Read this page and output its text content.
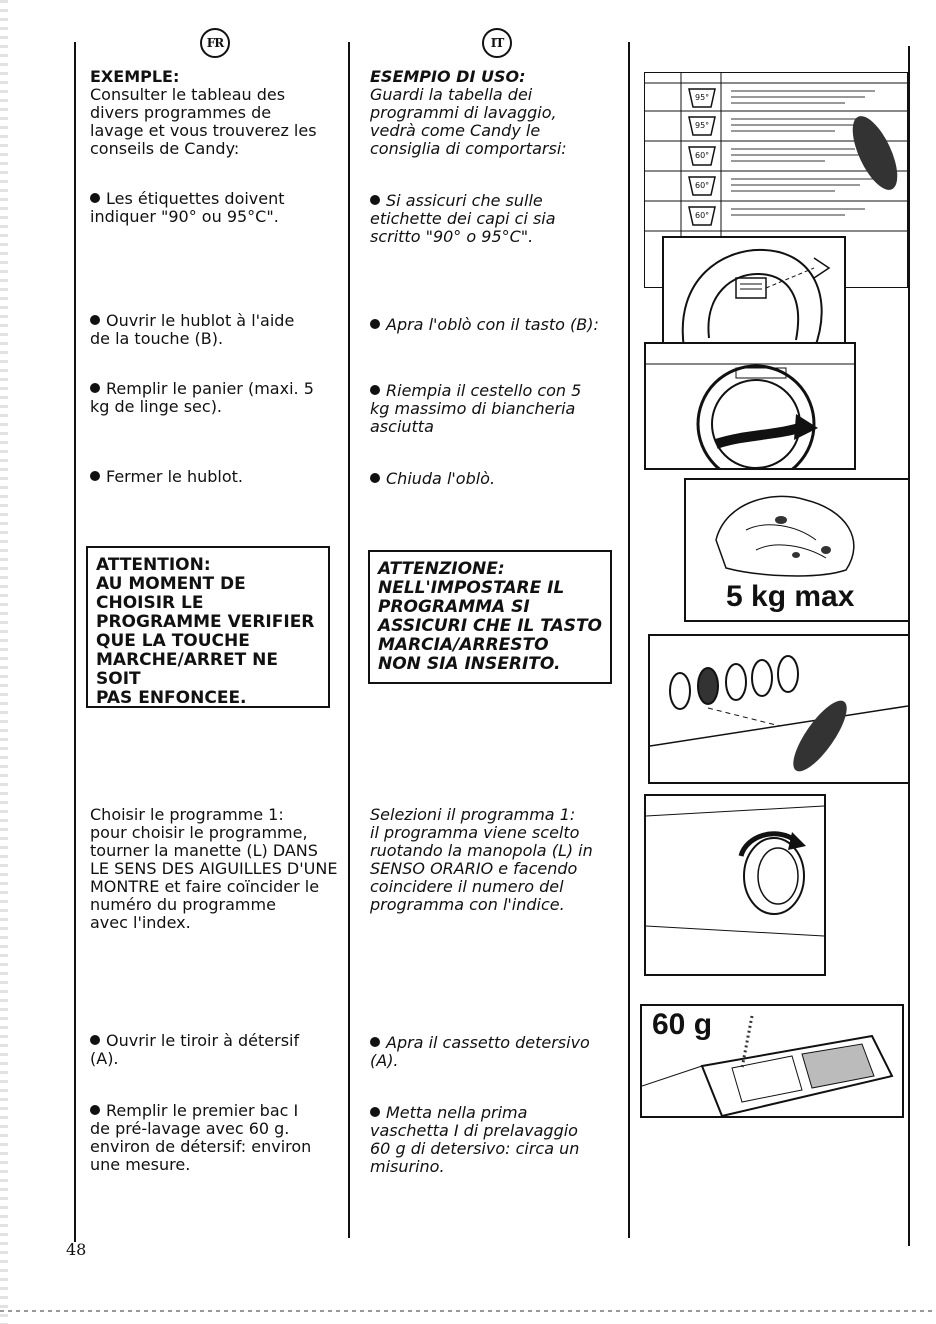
FR	IT
EXEMPLE:
Consulter le tableau des
divers programmes de
lavage et vous trouverez les
conseils de Candy:
Les étiquettes doivent
indiquer "90° ou 95°C".
Ouvrir le hublot à l'aide
de la touche (B).
Remplir le panier (maxi. 5
kg de linge sec).
Fermer le hublot.
ATTENTION:
AU MOMENT DE
CHOISIR LE
PROGRAMME VERIFIER
QUE LA TOUCHE
MARCHE/ARRET NE SOIT
PAS ENFONCEE.
Choisir le programme 1:
pour choisir le programme,
tourner la manette (L) DANS
LE SENS DES AIGUILLES D'UNE
MONTRE et faire coïncider le
numéro du programme
avec l'index.
Ouvrir le tiroir à détersif
(A).
Remplir le premier bac I
de pré-lavage avec 60 g.
environ de détersif: environ
une mesure.
ESEMPIO DI USO:
Guardi la tabella dei
programmi di lavaggio,
vedrà come Candy le
consiglia di comportarsi:
Si assicuri che sulle
etichette dei capi ci sia
scritto "90° o 95°C".
Apra l'oblò con il tasto (B):
Riempia il cestello con 5
kg massimo di biancheria
asciutta
Chiuda l'oblò.
ATTENZIONE:
NELL'IMPOSTARE IL
PROGRAMMA SI
ASSICURI CHE IL TASTO
MARCIA/ARRESTO
NON SIA INSERITO.
Selezioni il programma 1:
il programma viene scelto
ruotando la manopola (L) in
SENSO ORARIO e facendo
coincidere il numero del
programma con l'indice.
Apra il cassetto detersivo
(A).
Metta nella prima
vaschetta I di prelavaggio
60 g di detersivo: circa un
misurino.
95°
95°
60°
60°
60°
5 kg max
60 g
48
